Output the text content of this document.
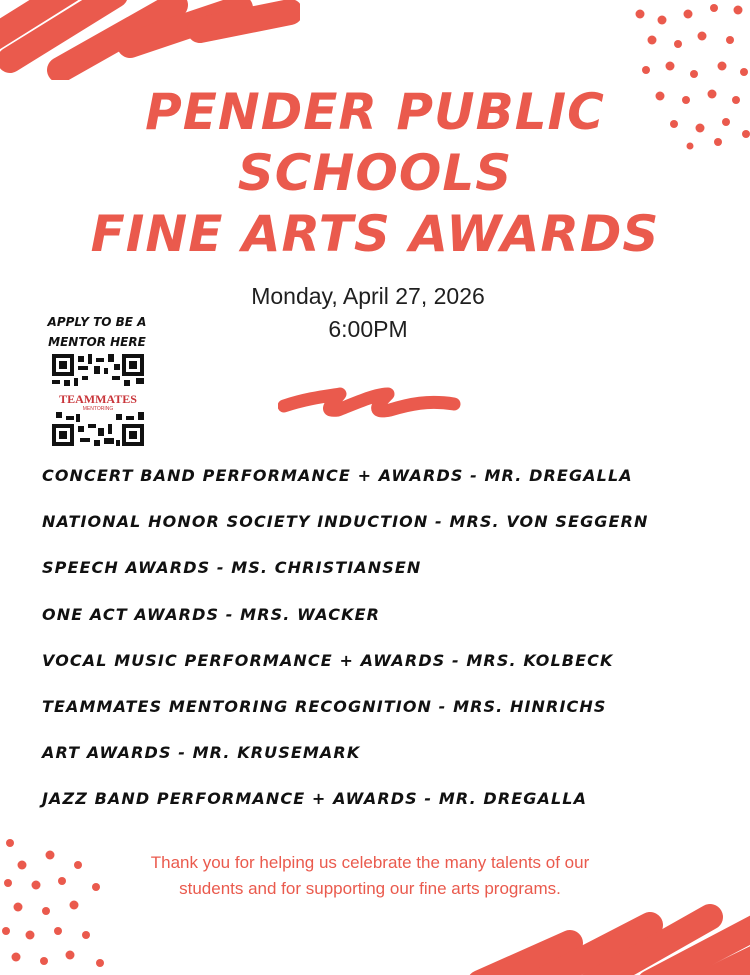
PENDER PUBLIC
SCHOOLS
FINE ARTS AWARDS
Monday, April 27, 2026
6:00PM
APPLY TO BE A
MENTOR HERE
TEAMMATES
MENTORING
CONCERT BAND PERFORMANCE + AWARDS - MR. DREGALLA
NATIONAL HONOR SOCIETY INDUCTION - MRS. VON SEGGERN
SPEECH AWARDS - MS. CHRISTIANSEN
ONE ACT AWARDS - MRS. WACKER
VOCAL MUSIC PERFORMANCE + AWARDS - MRS. KOLBECK
TEAMMATES MENTORING RECOGNITION - MRS. HINRICHS
ART AWARDS - MR. KRUSEMARK
JAZZ BAND PERFORMANCE + AWARDS - MR. DREGALLA
Thank you for helping us celebrate the many talents of our
students and for supporting our fine arts programs.
